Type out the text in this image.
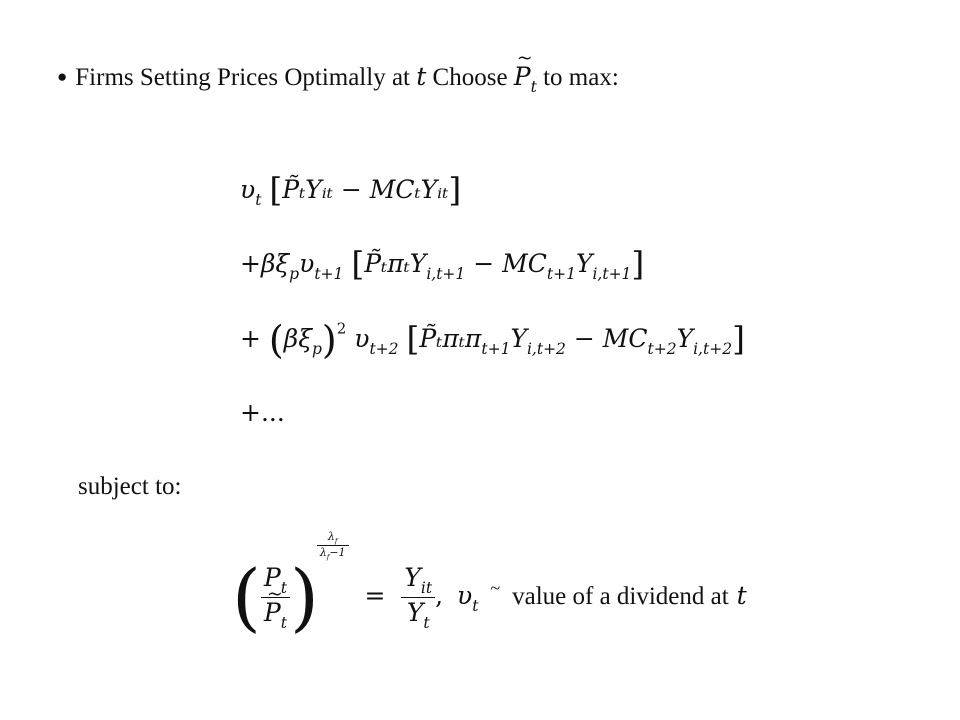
● Firms Setting Prices Optimally at t Choose ~ $P_t$ to max:
$\upsilon_t$ [P̃ₜYᵢₜ − MCₜYᵢₜ]
$+\beta\xi_p\upsilon_{t+1}$ [P̃ₜπₜY$_{i,t+1}$ − $MC_{t+1}Y_{i,t+1}$]
+ $(\beta\xi_p)^2$ $\upsilon_{t+2}$ $[P̃_t\pi_t\pi_{t+1}Y_{i,t+2} - MC_{t+2}Y_{i,t+2}]$
+...
subject to:
( $P_t$
~ $P_t$ )
$\frac{\lambda_f}{\lambda_f-1}$
= $\frac{Y_{it}}{Y_t}$ , $\upsilon_t$ ~ value of a dividend at t
